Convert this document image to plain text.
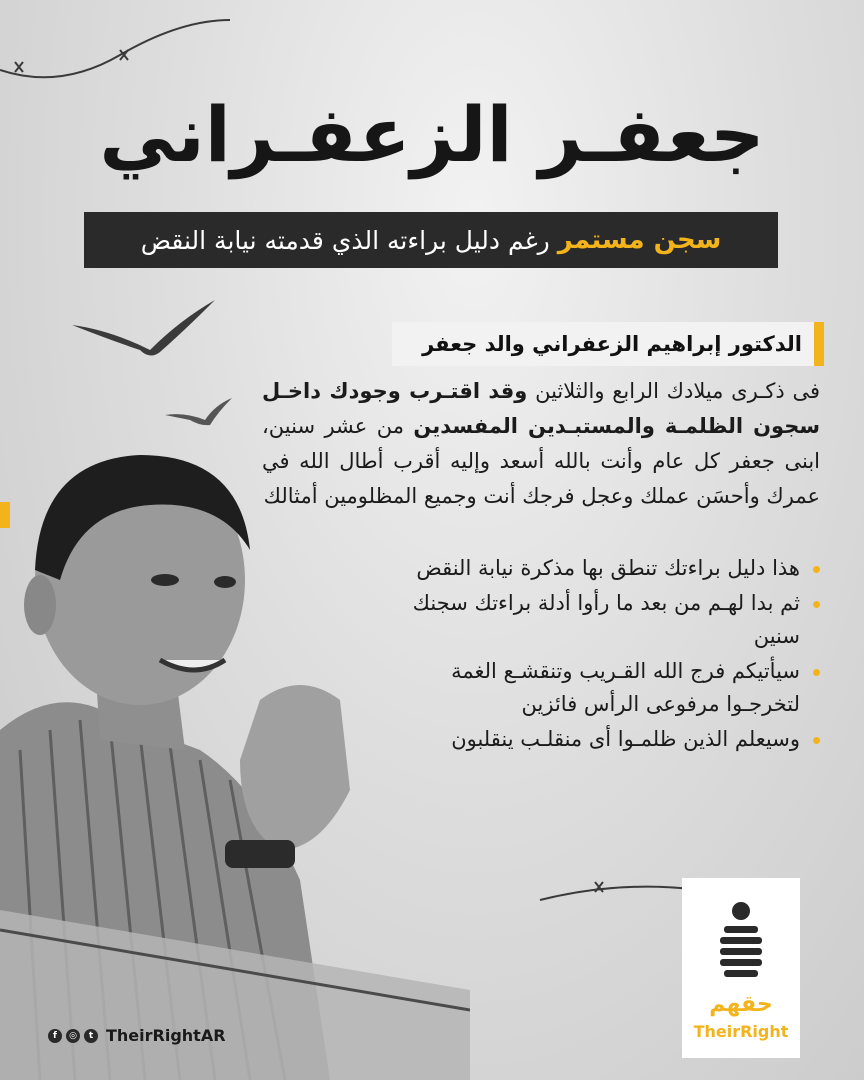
جعفـر الزعفـراني
سجن مستمر
رغم دليل براءته الذي قدمته نيابة النقض
الدكتور إبراهيم الزعفراني والد جعفر
فى ذكـرى ميلادك الرابع والثلاثين وقد اقتـرب وجودك داخـل سجون الظلمـة والمستبـدين المفسدين من عشر سنين، ابنى جعفر كل عام وأنت بالله أسعد وإليه أقرب أطال الله في عمرك وأحسَن عملك وعجل فرجك أنت وجميع المظلومين أمثالك
هذا دليل براءتك تنطق بها مذكرة نيابة النقض
ثم بدا لهـم من بعد ما رأوا أدلة براءتك سجنك سنين
سيأتيكم فرج الله القـريب وتنقشـع الغمة لتخرجـوا مرفوعى الرأس فائزين
وسيعلم الذين ظلمـوا أى منقلـب ينقلبون
حقهم
TheirRight
f	◎	t TheirRightAR
